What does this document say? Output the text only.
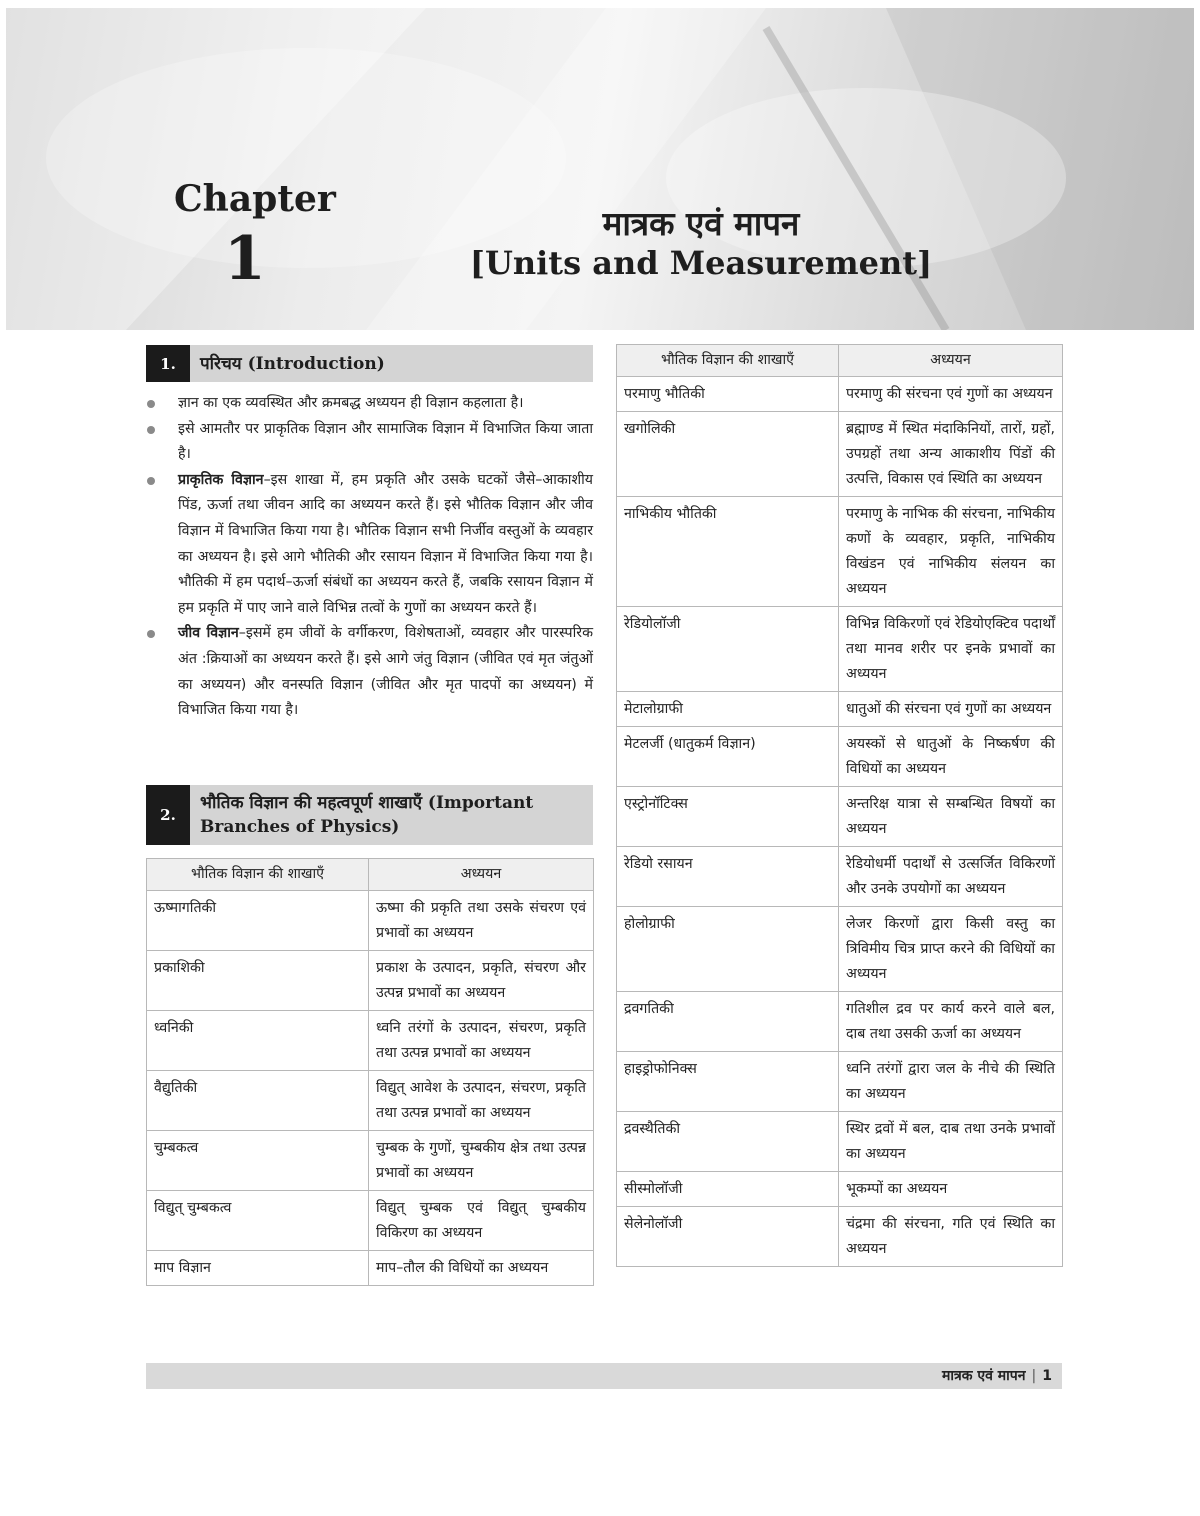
Chapter
1
मात्रक एवं मापन
[Units and Measurement]
1.	परिचय (Introduction)
ज्ञान का एक व्यवस्थित और क्रमबद्ध अध्ययन ही विज्ञान कहलाता है।
इसे आमतौर पर प्राकृतिक विज्ञान और सामाजिक विज्ञान में विभाजित किया जाता है।
प्राकृतिक विज्ञान–इस शाखा में, हम प्रकृति और उसके घटकों जैसे–आकाशीय पिंड, ऊर्जा तथा जीवन आदि का अध्ययन करते हैं। इसे भौतिक विज्ञान और जीव विज्ञान में विभाजित किया गया है। भौतिक विज्ञान सभी निर्जीव वस्तुओं के व्यवहार का अध्ययन है। इसे आगे भौतिकी और रसायन विज्ञान में विभाजित किया गया है। भौतिकी में हम पदार्थ–ऊर्जा संबंधों का अध्ययन करते हैं, जबकि रसायन विज्ञान में हम प्रकृति में पाए जाने वाले विभिन्न तत्वों के गुणों का अध्ययन करते हैं।
जीव विज्ञान–इसमें हम जीवों के वर्गीकरण, विशेषताओं, व्यवहार और पारस्परिक अंत :क्रियाओं का अध्ययन करते हैं। इसे आगे जंतु विज्ञान (जीवित एवं मृत जंतुओं का अध्ययन) और वनस्पति विज्ञान (जीवित और मृत पादपों का अध्ययन) में विभाजित किया गया है।
2.
भौतिक विज्ञान की महत्वपूर्ण शाखाएँ (Important
Branches of Physics)
भौतिक विज्ञान की शाखाएँ	अध्ययन
ऊष्मागतिकी	ऊष्मा की प्रकृति तथा उसके संचरण एवं प्रभावों का अध्ययन
प्रकाशिकी	प्रकाश के उत्पादन, प्रकृति, संचरण और उत्पन्न प्रभावों का अध्ययन
ध्वनिकी	ध्वनि तरंगों के उत्पादन, संचरण, प्रकृति तथा उत्पन्न प्रभावों का अध्ययन
वैद्युतिकी	विद्युत् आवेश के उत्पादन, संचरण, प्रकृति तथा उत्पन्न प्रभावों का अध्ययन
चुम्बकत्व	चुम्बक के गुणों, चुम्बकीय क्षेत्र तथा उत्पन्न प्रभावों का अध्ययन
विद्युत् चुम्बकत्व	विद्युत् चुम्बक एवं विद्युत् चुम्बकीय विकिरण का अध्ययन
माप विज्ञान	माप–तौल की विधियों का अध्ययन
भौतिक विज्ञान की शाखाएँ	अध्ययन
परमाणु भौतिकी	परमाणु की संरचना एवं गुणों का अध्ययन
खगोलिकी	ब्रह्माण्ड में स्थित मंदाकिनियों, तारों, ग्रहों, उपग्रहों तथा अन्य आकाशीय पिंडों की उत्पत्ति, विकास एवं स्थिति का अध्ययन
नाभिकीय भौतिकी	परमाणु के नाभिक की संरचना, नाभिकीय कणों के व्यवहार, प्रकृति, नाभिकीय विखंडन एवं नाभिकीय संलयन का अध्ययन
रेडियोलॉजी	विभिन्न विकिरणों एवं रेडियोएक्टिव पदार्थों तथा मानव शरीर पर इनके प्रभावों का अध्ययन
मेटालोग्राफी	धातुओं की संरचना एवं गुणों का अध्ययन
मेटलर्जी (धातुकर्म विज्ञान)	अयस्कों से धातुओं के निष्कर्षण की विधियों का अध्ययन
एस्ट्रोनॉटिक्स	अन्तरिक्ष यात्रा से सम्बन्धित विषयों का अध्ययन
रेडियो रसायन	रेडियोधर्मी पदार्थों से उत्सर्जित विकिरणों और उनके उपयोगों का अध्ययन
होलोग्राफी	लेजर किरणों द्वारा किसी वस्तु का त्रिविमीय चित्र प्राप्त करने की विधियों का अध्ययन
द्रवगतिकी	गतिशील द्रव पर कार्य करने वाले बल, दाब तथा उसकी ऊर्जा का अध्ययन
हाइड्रोफोनिक्स	ध्वनि तरंगों द्वारा जल के नीचे की स्थिति का अध्ययन
द्रवस्थैतिकी	स्थिर द्रवों में बल, दाब तथा उनके प्रभावों का अध्ययन
सीस्मोलॉजी	भूकम्पों का अध्ययन
सेलेनोलॉजी	चंद्रमा की संरचना, गति एवं स्थिति का अध्ययन
मात्रक एवं मापन | 1
